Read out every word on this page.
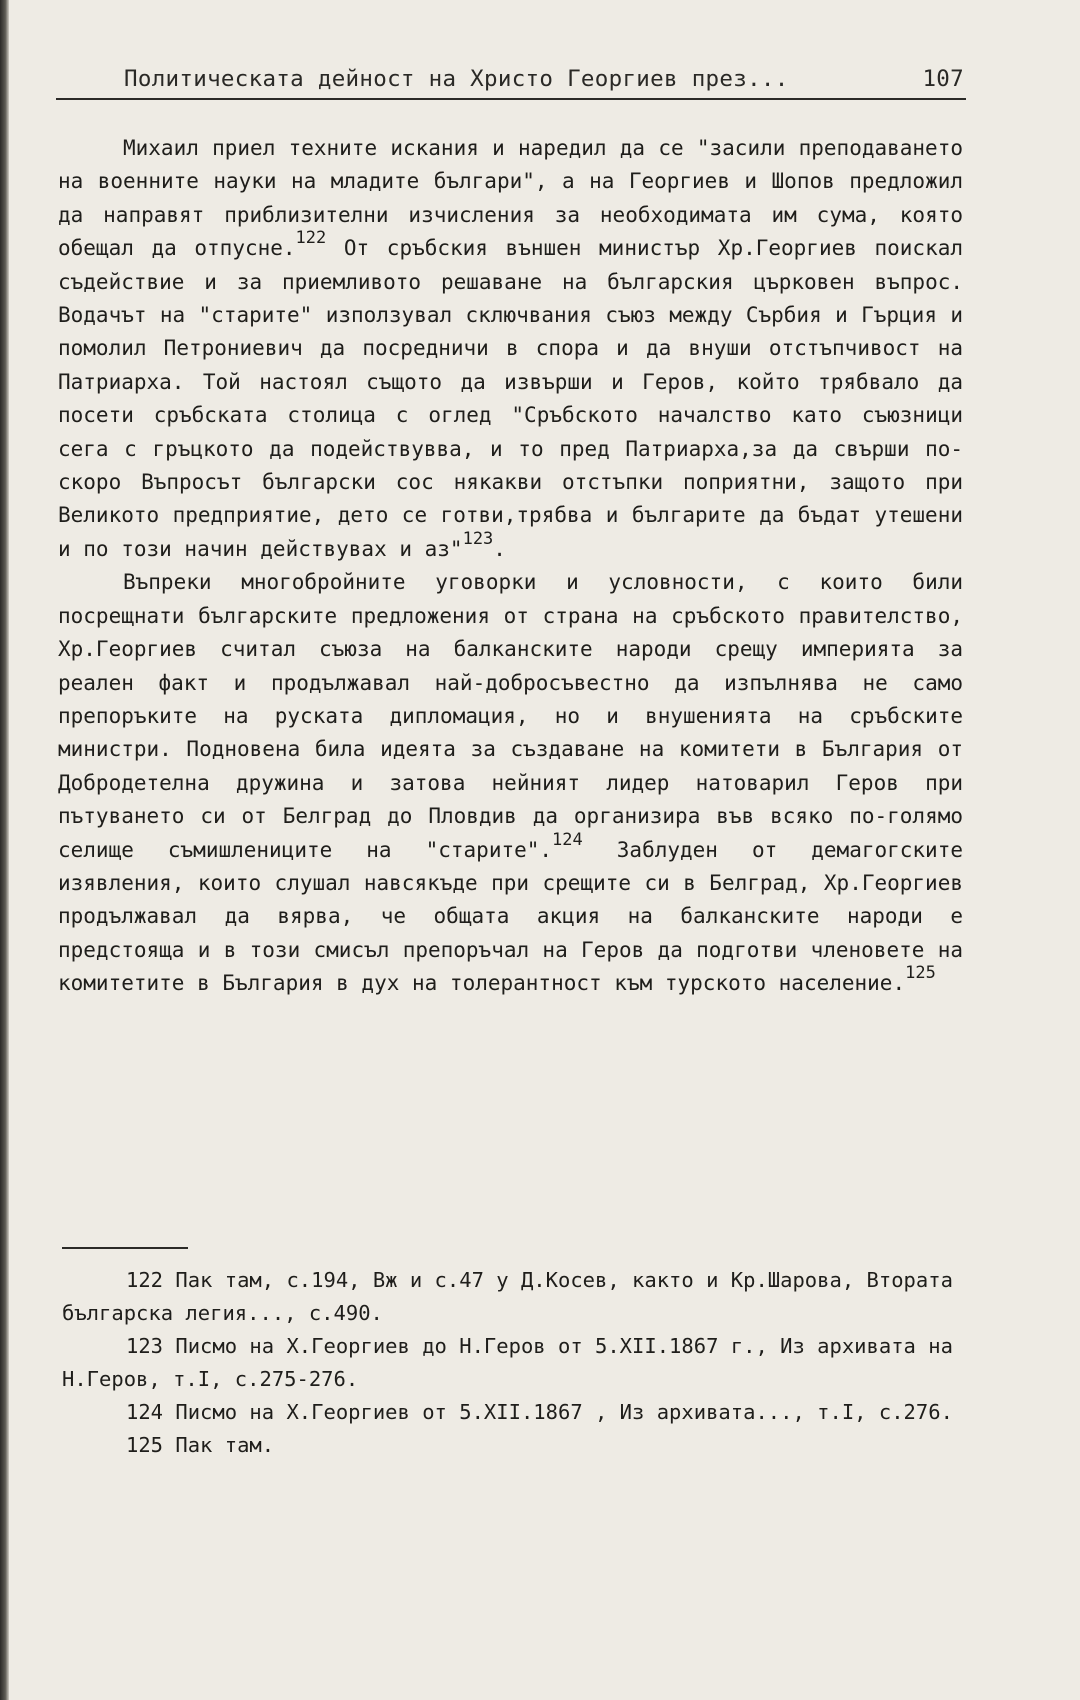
Политическата дейност на Христо Георгиев през...	107

Михаил приел техните искания и наредил да се "засили преподаването на военните науки на младите българи", а на Георгиев и Шопов предложил да направят приблизителни изчисления за необходимата им сума, която обещал да отпусне.$^{122}$ От сръбския външен министър Хр.Георгиев поискал съдействие и за приемливото решаване на българския църковен въпрос. Водачът на "старите" използувал сключвания съюз между Сърбия и Гърция и помолил Петрониевич да посредничи в спора и да внуши отстъпчивост на Патриарха. Той настоял същото да извърши и Геров, който трябвало да посети сръбската столица с оглед "Сръбското началство като съюзници сега с гръцкото да подействувва, и то пред Патриарха,за да свърши по-скоро Въпросът български сос някакви отстъпки поприятни, защото при Великото предприятие, дето се готви,трябва и българите да бъдат утешени и по този начин действувах и аз"$^{123}$.

Въпреки многобройните уговорки и условности, с които били посрещнати българските предложения от страна на сръбското правителство, Хр.Георгиев считал съюза на балканските народи срещу империята за реален факт и продължавал най-добросъвестно да изпълнява не само препоръките на руската дипломация, но и внушенията на сръбските министри. Подновена била идеята за създаване на комитети в България от Добродетелна дружина и затова нейният лидер натоварил Геров при пътуването си от Белград до Пловдив да организира във всяко по-голямо селище съмишлениците на "старите".$^{124}$ Заблуден от демагогските изявления, които слушал навсякъде при срещите си в Белград, Хр.Георгиев продължавал да вярва, че общата акция на балканските народи е предстояща и в този смисъл препоръчал на Геров да подготви членовете на комитетите в България в дух на толерантност към турското население.$^{125}$

122 Пак там, с.194, Вж и с.47 у Д.Косев, както и Кр.Шарова, Втората българска легия..., с.490.

123 Писмо на Х.Георгиев до Н.Геров от 5.XII.1867 г., Из архивата на Н.Геров, т.I, с.275-276.

124 Писмо на Х.Георгиев от 5.XII.1867 , Из архивата..., т.I, с.276.

125 Пак там.
